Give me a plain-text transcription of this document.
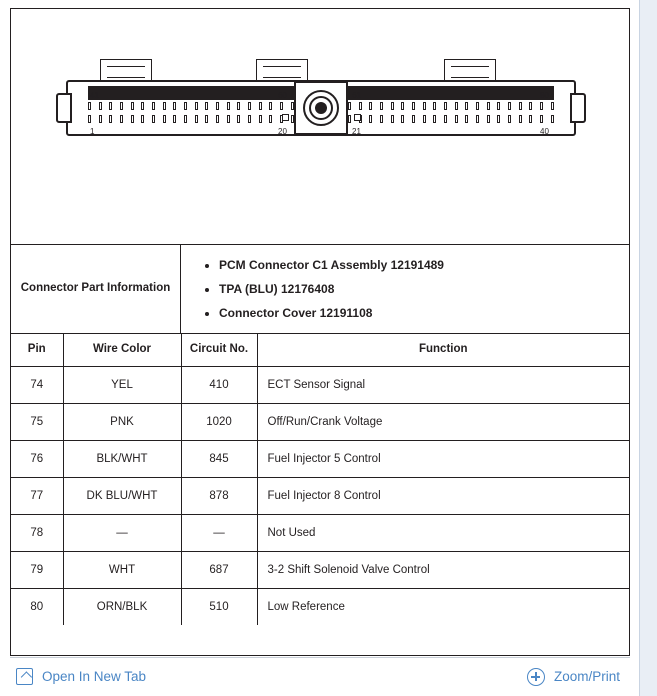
41	60	61	80
1	20	21	40
Connector Part Information
• PCM Connector C1 Assembly 12191489
• TPA (BLU) 12176408
• Connector Cover 12191108
Pin	Wire Color	Circuit No.	Function
74	YEL	410	ECT Sensor Signal
75	PNK	1020	Off/Run/Crank Voltage
76	BLK/WHT	845	Fuel Injector 5 Control
77	DK BLU/WHT	878	Fuel Injector 8 Control
78	—	—	Not Used
79	WHT	687	3-2 Shift Solenoid Valve Control
80	ORN/BLK	510	Low Reference
Open In New Tab	Zoom/Print
